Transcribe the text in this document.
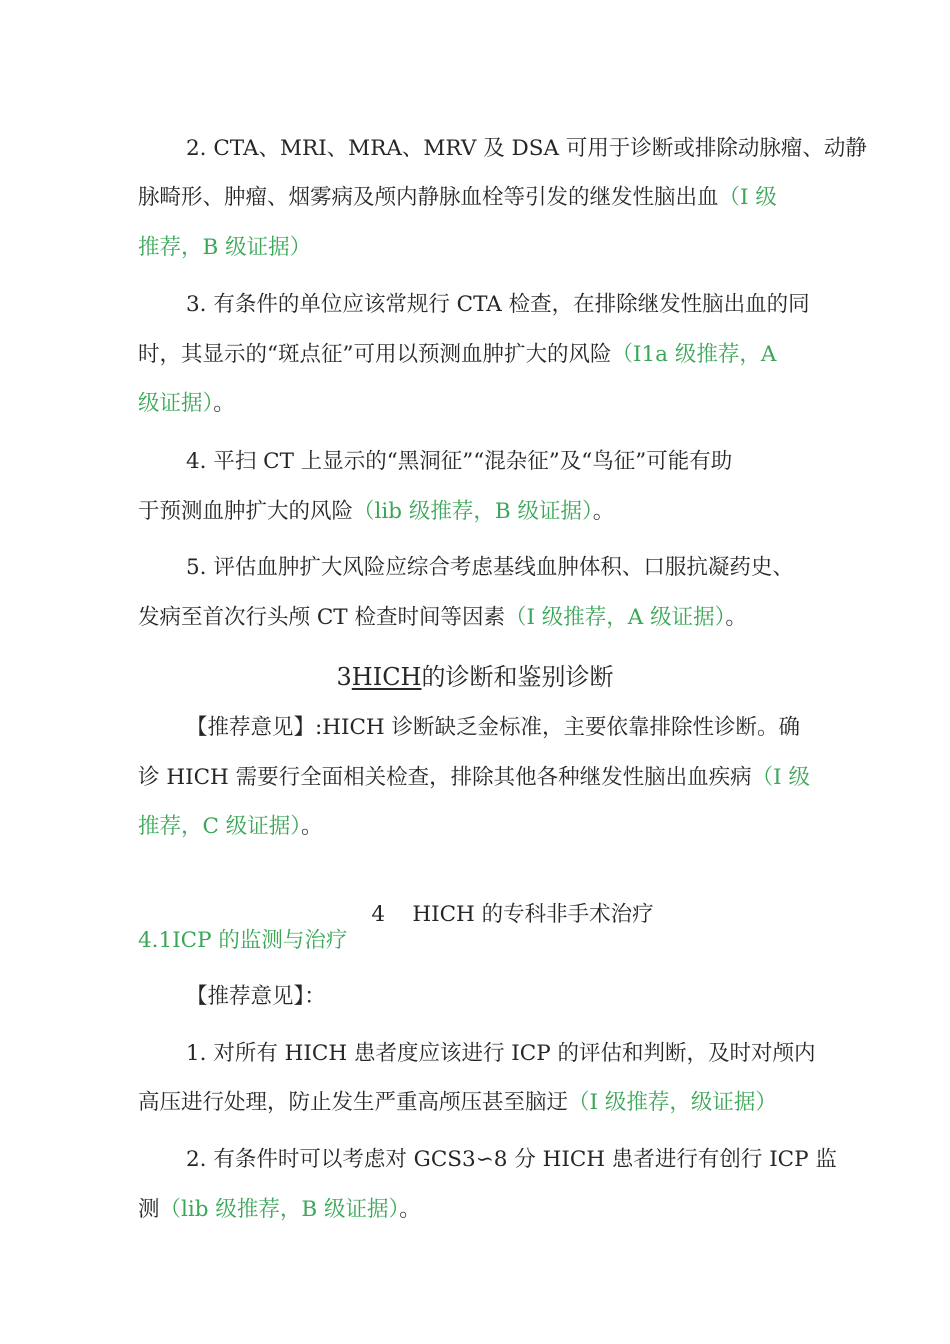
2. CTA、MRI、MRA、MRV 及 DSA 可用于诊断或排除动脉瘤、动静
脉畸形、肿瘤、烟雾病及颅内静脉血栓等引发的继发性脑出血（I 级
推荐，B 级证据）
3. 有条件的单位应该常规行 CTA 检查，在排除继发性脑出血的同
时，其显示的“斑点征”可用以预测血肿扩大的风险（I1a 级推荐，A
级证据）。
4. 平扫 CT 上显示的“黑洞征”“混杂征”及“鸟征”可能有助
于预测血肿扩大的风险（lib 级推荐，B 级证据）。
5. 评估血肿扩大风险应综合考虑基线血肿体积、口服抗凝药史、
发病至首次行头颅 CT 检查时间等因素（I 级推荐，A 级证据）。
3HICH的诊断和鉴别诊断
【推荐意见】:HICH 诊断缺乏金标准，主要依靠排除性诊断。确
诊 HICH 需要行全面相关检查，排除其他各种继发性脑出血疾病（I 级
推荐，C 级证据）。

4    HICH 的专科非手术治疗

4.1ICP 的监测与治疗
【推荐意见】：
1. 对所有 HICH 患者度应该进行 ICP 的评估和判断，及时对颅内
高压进行处理，防止发生严重高颅压甚至脑迂（I 级推荐，级证据）
2. 有条件时可以考虑对 GCS3∽8 分 HICH 患者进行有创行 ICP 监
测（lib 级推荐，B 级证据）。
